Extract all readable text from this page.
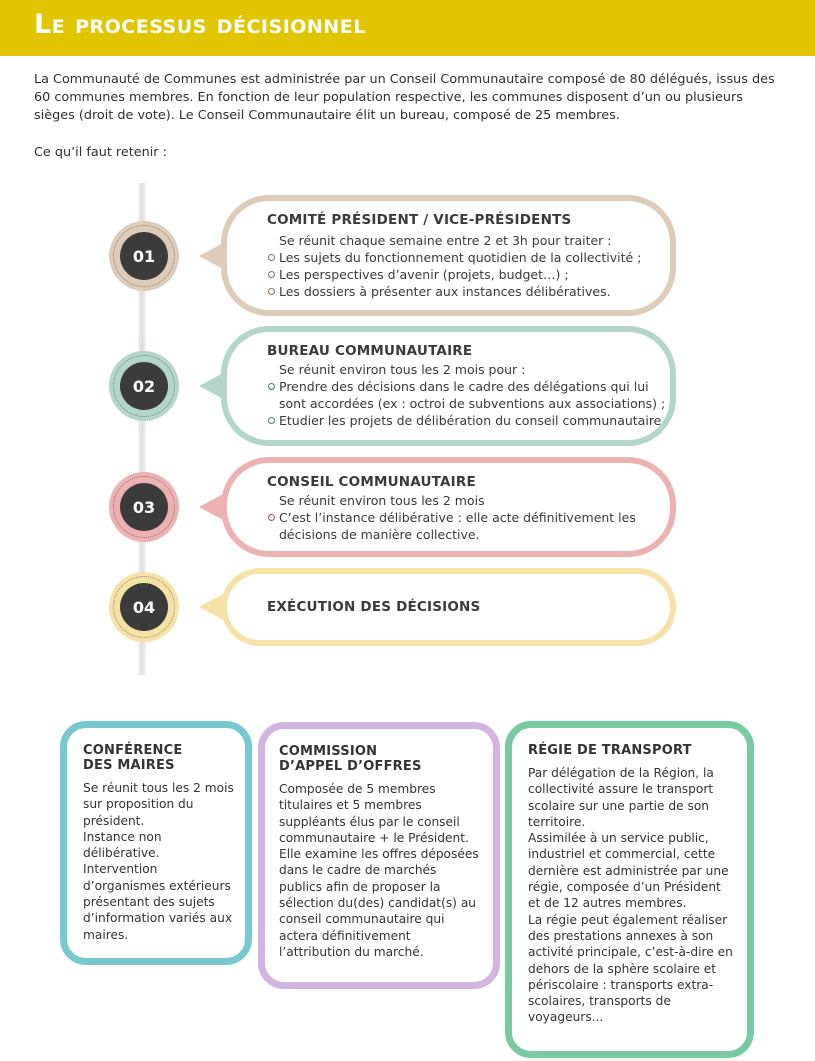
Le processus décisionnel
La Communauté de Communes est administrée par un Conseil Communautaire composé de 80 délégués, issus des 60 communes membres. En fonction de leur population respective, les communes disposent d’un ou plusieurs sièges (droit de vote). Le Conseil Communautaire élit un bureau, composé de 25 membres.
Ce qu’il faut retenir :
01
COMITÉ PRÉSIDENT / VICE-PRÉSIDENTS
Se réunit chaque semaine entre 2 et 3h pour traiter :
Les sujets du fonctionnement quotidien de la collectivité ;
Les perspectives d’avenir (projets, budget…) ;
Les dossiers à présenter aux instances délibératives.
02
BUREAU COMMUNAUTAIRE
Se réunit environ tous les 2 mois pour :
Prendre des décisions dans le cadre des délégations qui lui sont accordées (ex : octroi de subventions aux associations) ;
Etudier les projets de délibération du conseil communautaire
03
CONSEIL COMMUNAUTAIRE
Se réunit environ tous les 2 mois
C’est l’instance délibérative : elle acte définitivement les décisions de manière collective.
04	EXÉCUTION DES DÉCISIONS
CONFÉRENCE
DES MAIRES
Se réunit tous les 2 mois sur proposition du président.
Instance non délibérative. Intervention d’organismes extérieurs présentant des sujets d’information variés aux maires.
COMMISSION
D’APPEL D’OFFRES
Composée de 5 membres titulaires et 5 membres suppléants élus par le conseil communautaire + le Président.
Elle examine les offres déposées dans le cadre de marchés publics afin de proposer la sélection du(des) candidat(s) au conseil communautaire qui actera définitivement l’attribution du marché.
RÉGIE DE TRANSPORT
Par délégation de la Région, la collectivité assure le transport scolaire sur une partie de son territoire.
Assimilée à un service public, industriel et commercial, cette dernière est administrée par une régie, composée d’un Président et de 12 autres membres.
La régie peut également réaliser des prestations annexes à son activité principale, c’est-à-dire en dehors de la sphère scolaire et périscolaire : transports extra-scolaires, transports de voyageurs...
